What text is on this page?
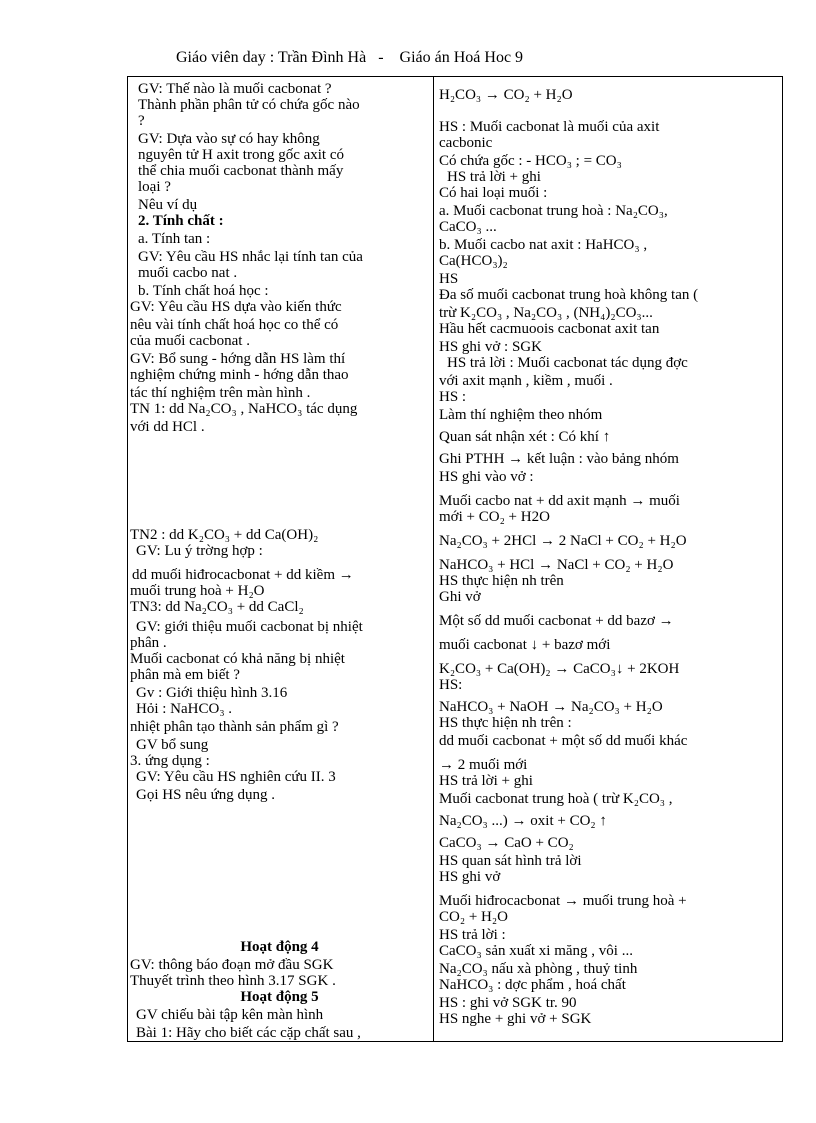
Giáo viên day : Trần Đình Hà   -    Giáo án Hoá Hoc 9
GV: Thế nào là muối cacbonat ?
Thành phần phân tử có chứa gốc nào
?
GV: Dựa vào sự có hay không
nguyên tử H axit trong gốc axit có
thể chia muối cacbonat thành mấy
loại ?
Nêu ví dụ
2. Tính chất :
a. Tính tan :
GV: Yêu cầu HS nhắc lại tính tan của
muối cacbo nat .
b. Tính chất hoá học :
GV: Yêu cầu HS dựa vào kiến thức
nêu vài tính chất hoá học co thể có
của muối cacbonat .
GV: Bổ sung - hớng dẫn HS làm thí
nghiệm chứng minh - hớng dẫn thao
tác thí nghiệm trên màn hình .
TN 1: dd Na₂CO₃ , NaHCO₃ tác dụng
với dd HCl .
TN2 : dd K₂CO₃ + dd Ca(OH)₂
GV: Lu ý trờng hợp :
dd muối hiđrocacbonat + dd kiềm →
muối trung hoà + H₂O
TN3: dd Na₂CO₃ + dd CaCl₂
GV: giới thiệu muối cacbonat bị nhiệt
phân .
Muối cacbonat có khả năng bị nhiệt
phân mà em biết ?
Gv : Giới thiệu hình 3.16
Hỏi : NaHCO₃ .
nhiệt phân tạo thành sản phẩm gì ?
GV bổ sung
3. ứng dụng :
GV: Yêu cầu HS nghiên cứu II. 3
Gọi HS nêu ứng dụng .
GV: thông báo đoạn mở đầu SGK
Thuyết trình theo hình 3.17 SGK .
GV chiếu bài tập kên màn hình
Bài 1: Hãy cho biết các cặp chất sau ,
Hoạt động 4
Hoạt động 5
H₂CO₃ → CO₂ + H₂O
HS : Muối cacbonat là muối của axit
cacbonic
Có chứa gốc : - HCO₃ ; = CO₃
HS trả lời + ghi
Có hai loại muối :
a. Muối cacbonat trung hoà : Na₂CO₃,
CaCO₃ ...
b. Muối cacbo nat axit : HaHCO₃ ,
Ca(HCO₃)₂
HS
Đa số muối cacbonat trung hoà không tan (
trừ K₂CO₃ , Na₂CO₃ , (NH₄)₂CO₃...
Hầu hết cacmuoois cacbonat axit tan
HS ghi vở : SGK
HS trả lời : Muối cacbonat tác dụng đợc
với axit mạnh , kiềm , muối .
HS :
Làm thí nghiệm theo nhóm
Quan sát nhận xét : Có khí ↑
Ghi PTHH → kết luận : vào bảng nhóm
HS ghi vào vở :
Muối cacbo nat + dd axit mạnh → muối
mới + CO₂ + H2O
Na₂CO₃ + 2HCl → 2 NaCl + CO₂ + H₂O
NaHCO₃ + HCl → NaCl + CO₂ + H₂O
HS thực hiện nh trên
Ghi vở
Một số dd muối cacbonat + dd bazơ →
muối cacbonat ↓ + bazơ mới
K₂CO₃ + Ca(OH)₂ → CaCO₃↓ + 2KOH
HS:
NaHCO₃ + NaOH → Na₂CO₃ + H₂O
HS thực hiện nh trên :
dd muối cacbonat + một số dd muối khác
→ 2 muối mới
HS trả lời + ghi
Muối cacbonat trung hoà ( trừ K₂CO₃ ,
Na₂CO₃ ...) → oxit + CO₂ ↑
CaCO₃ → CaO + CO₂
HS quan sát hình trả lời
HS ghi vở
Muối hiđrocacbonat → muối trung hoà +
CO₂ + H₂O
HS trả lời :
CaCO₃ sản xuất xi măng , vôi ...
Na₂CO₃ nấu xà phòng , thuỷ tinh
NaHCO₃ : dợc phẩm , hoá chất
HS : ghi vở SGK tr. 90
HS nghe + ghi vở + SGK
